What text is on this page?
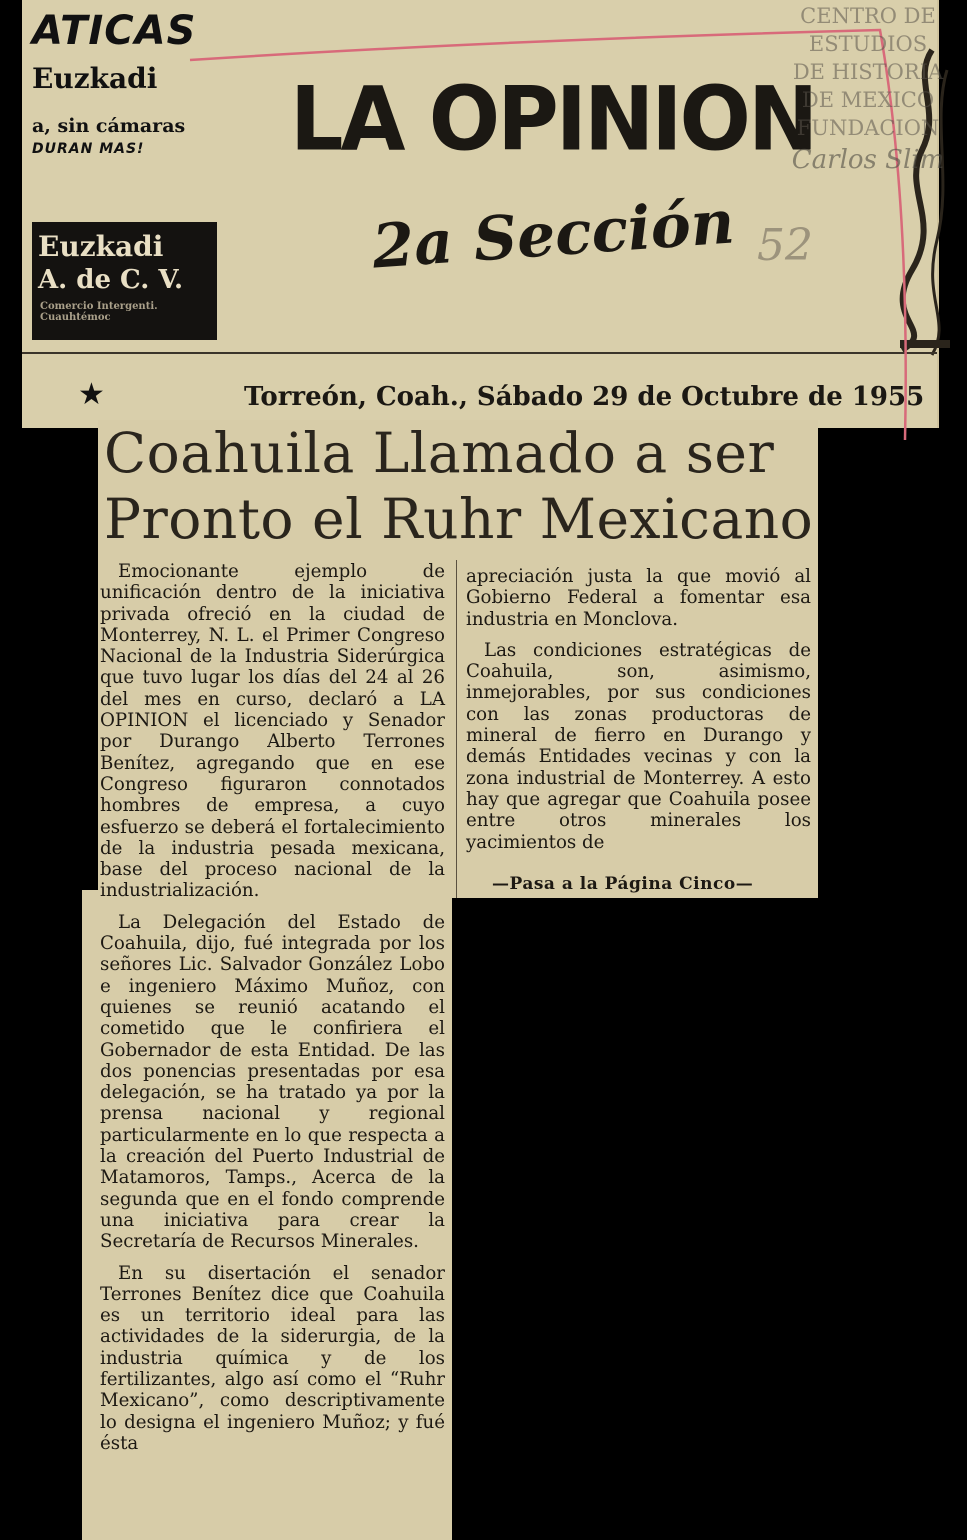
ATICAS
Euzkadi
a, sin cámaras
DURAN MAS!
Euzkadi
A. de C. V.
Comercio Intergenti. Cuauhtémoc
LA OPINION
2a Sección 52
★	Torreón, Coah., Sábado 29 de Octubre de 1955
CENTRO DE
ESTUDIOS
DE HISTORIA
DE MEXICO
FUNDACION
Carlos Slim
Coahuila Llamado a ser
Pronto el Ruhr Mexicano

Emocionante ejemplo de unificación dentro de la iniciativa privada ofreció en la ciudad de Monterrey, N. L. el Primer Congreso Nacional de la Industria Siderúrgica que tuvo lugar los días del 24 al 26 del mes en curso, declaró a LA OPINION el licenciado y Senador por Durango Alberto Terrones Benítez, agregando que en ese Congreso figuraron connotados hombres de empresa, a cuyo esfuerzo se deberá el fortalecimiento de la industria pesada mexicana, base del proceso nacional de la industrialización.

La Delegación del Estado de Coahuila, dijo, fué integrada por los señores Lic. Salvador González Lobo e ingeniero Máximo Muñoz, con quienes se reunió acatando el cometido que le confiriera el Gobernador de esta Entidad. De las dos ponencias presentadas por esa delegación, se ha tratado ya por la prensa nacional y regional particularmente en lo que respecta a la creación del Puerto Industrial de Matamoros, Tamps., Acerca de la segunda que en el fondo comprende una iniciativa para crear la Secretaría de Recursos Minerales.

En su disertación el senador Terrones Benítez dice que Coahuila es un territorio ideal para las actividades de la siderurgia, de la industria química y de los fertilizantes, algo así como el “Ruhr Mexicano”, como descriptivamente lo designa el ingeniero Muñoz; y fué ésta

apreciación justa la que movió al Gobierno Federal a fomentar esa industria en Monclova.

Las condiciones estratégicas de Coahuila, son, asimismo, inmejorables, por sus condiciones con las zonas productoras de mineral de fierro en Durango y demás Entidades vecinas y con la zona industrial de Monterrey. A esto hay que agregar que Coahuila posee entre otros minerales los yacimientos de

—Pasa a la Página Cinco—
